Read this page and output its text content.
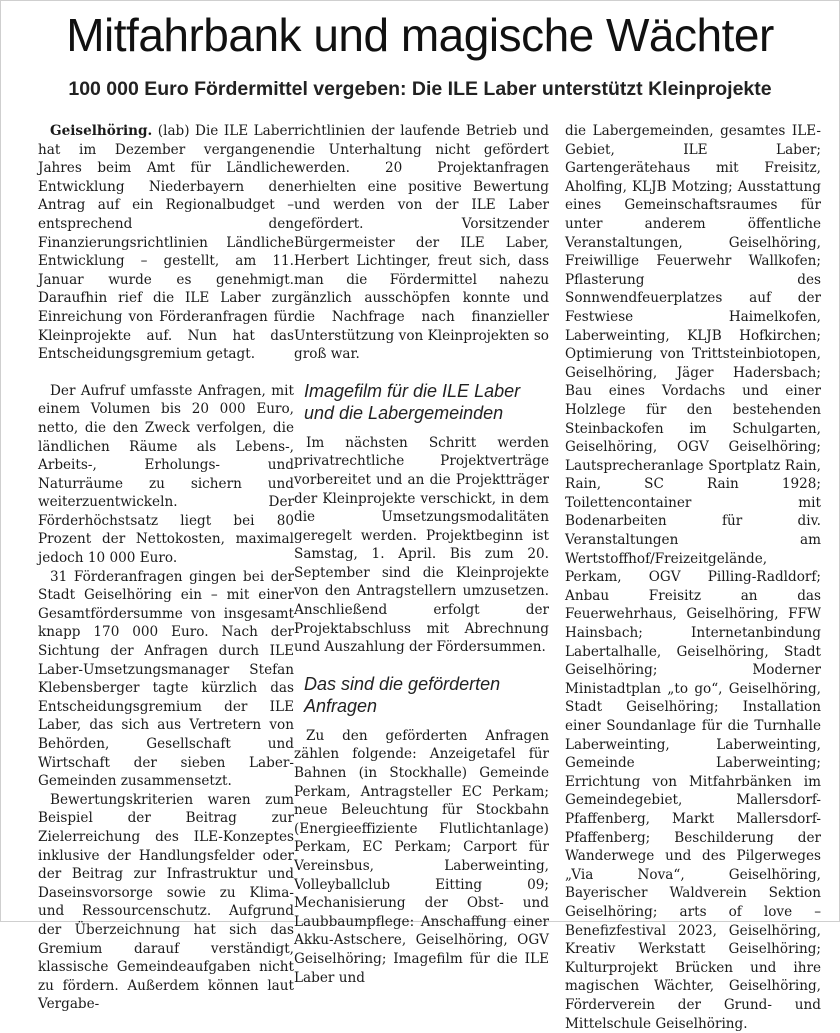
Mitfahrbank und magische Wächter
100 000 Euro Fördermittel vergeben: Die ILE Laber unterstützt Kleinprojekte

Geiselhöring. (lab) Die ILE Laber hat im Dezember vergangenen Jahres beim Amt für Ländliche Entwicklung Niederbayern den Antrag auf ein Regionalbudget – entsprechend den Finanzierungsrichtlinien Ländliche Entwicklung – gestellt, am 11. Januar wurde es genehmigt. Daraufhin rief die ILE Laber zur Einreichung von Förderanfragen für Kleinprojekte auf. Nun hat das Entscheidungsgremium getagt.

Der Aufruf umfasste Anfragen, mit einem Volumen bis 20 000 Euro, netto, die den Zweck verfolgen, die ländlichen Räume als Lebens-, Arbeits-, Erholungs- und Naturräume zu sichern und weiterzuentwickeln. Der Förderhöchstsatz liegt bei 80 Prozent der Nettokosten, maximal jedoch 10 000 Euro.

31 Förderanfragen gingen bei der Stadt Geiselhöring ein – mit einer Gesamtfördersumme von insgesamt knapp 170 000 Euro. Nach der Sichtung der Anfragen durch ILE Laber-Umsetzungsmanager Stefan Klebensberger tagte kürzlich das Entscheidungsgremium der ILE Laber, das sich aus Vertretern von Behörden, Gesellschaft und Wirtschaft der sieben Laber-Gemeinden zusammensetzt.

Bewertungskriterien waren zum Beispiel der Beitrag zur Zielerreichung des ILE-Konzeptes inklusive der Handlungsfelder oder der Beitrag zur Infrastruktur und Daseinsvorsorge sowie zu Klima- und Ressourcenschutz. Aufgrund der Überzeichnung hat sich das Gremium darauf verständigt, klassische Gemeindeaufgaben nicht zu fördern. Außerdem können laut Vergabe-

richtlinien der laufende Betrieb und die Unterhaltung nicht gefördert werden. 20 Projektanfragen erhielten eine positive Bewertung und werden von der ILE Laber gefördert. Vorsitzender Bürgermeister der ILE Laber, Herbert Lichtinger, freut sich, dass man die Fördermittel nahezu gänzlich ausschöpfen konnte und die Nachfrage nach finanzieller Unterstützung von Kleinprojekten so groß war.

Imagefilm für die ILE Laber und die Labergemeinden

Im nächsten Schritt werden privatrechtliche Projektverträge vorbereitet und an die Projektträger der Kleinprojekte verschickt, in dem die Umsetzungsmodalitäten geregelt werden. Projektbeginn ist Samstag, 1. April. Bis zum 20. September sind die Kleinprojekte von den Antragstellern umzusetzen. Anschließend erfolgt der Projektabschluss mit Abrechnung und Auszahlung der Fördersummen.

Das sind die geförderten Anfragen

Zu den geförderten Anfragen zählen folgende: Anzeigetafel für Bahnen (in Stockhalle) Gemeinde Perkam, Antragsteller EC Perkam; neue Beleuchtung für Stockbahn (Energieeffiziente Flutlichtanlage) Perkam, EC Perkam; Carport für Vereinsbus, Laberweinting, Volleyballclub Eitting 09; Mechanisierung der Obst- und Laubbaumpflege: Anschaffung einer Akku-Astschere, Geiselhöring, OGV Geiselhöring; Imagefilm für die ILE Laber und

die Labergemeinden, gesamtes ILE-Gebiet, ILE Laber; Gartengerätehaus mit Freisitz, Aholfing, KLJB Motzing; Ausstattung eines Gemeinschaftsraumes für unter anderem öffentliche Veranstaltungen, Geiselhöring, Freiwillige Feuerwehr Wallkofen; Pflasterung des Sonnwendfeuerplatzes auf der Festwiese Haimelkofen, Laberweinting, KLJB Hofkirchen; Optimierung von Trittsteinbiotopen, Geiselhöring, Jäger Hadersbach; Bau eines Vordachs und einer Holzlege für den bestehenden Steinbackofen im Schulgarten, Geiselhöring, OGV Geiselhöring; Lautsprecheranlage Sportplatz Rain, Rain, SC Rain 1928; Toilettencontainer mit Bodenarbeiten für div. Veranstaltungen am Wertstoffhof/Freizeitgelände, Perkam, OGV Pilling-Radldorf; Anbau Freisitz an das Feuerwehrhaus, Geiselhöring, FFW Hainsbach; Internetanbindung Labertalhalle, Geiselhöring, Stadt Geiselhöring; Moderner Ministadtplan „to go“, Geiselhöring, Stadt Geiselhöring; Installation einer Soundanlage für die Turnhalle Laberweinting, Laberweinting, Gemeinde Laberweinting; Errichtung von Mitfahrbänken im Gemeindegebiet, Mallersdorf-Pfaffenberg, Markt Mallersdorf-Pfaffenberg; Beschilderung der Wanderwege und des Pilgerweges „Via Nova“, Geiselhöring, Bayerischer Waldverein Sektion Geiselhöring; arts of love – Benefizfestival 2023, Geiselhöring, Kreativ Werkstatt Geiselhöring; Kulturprojekt Brücken und ihre magischen Wächter, Geiselhöring, Förderverein der Grund- und Mittelschule Geiselhöring.
